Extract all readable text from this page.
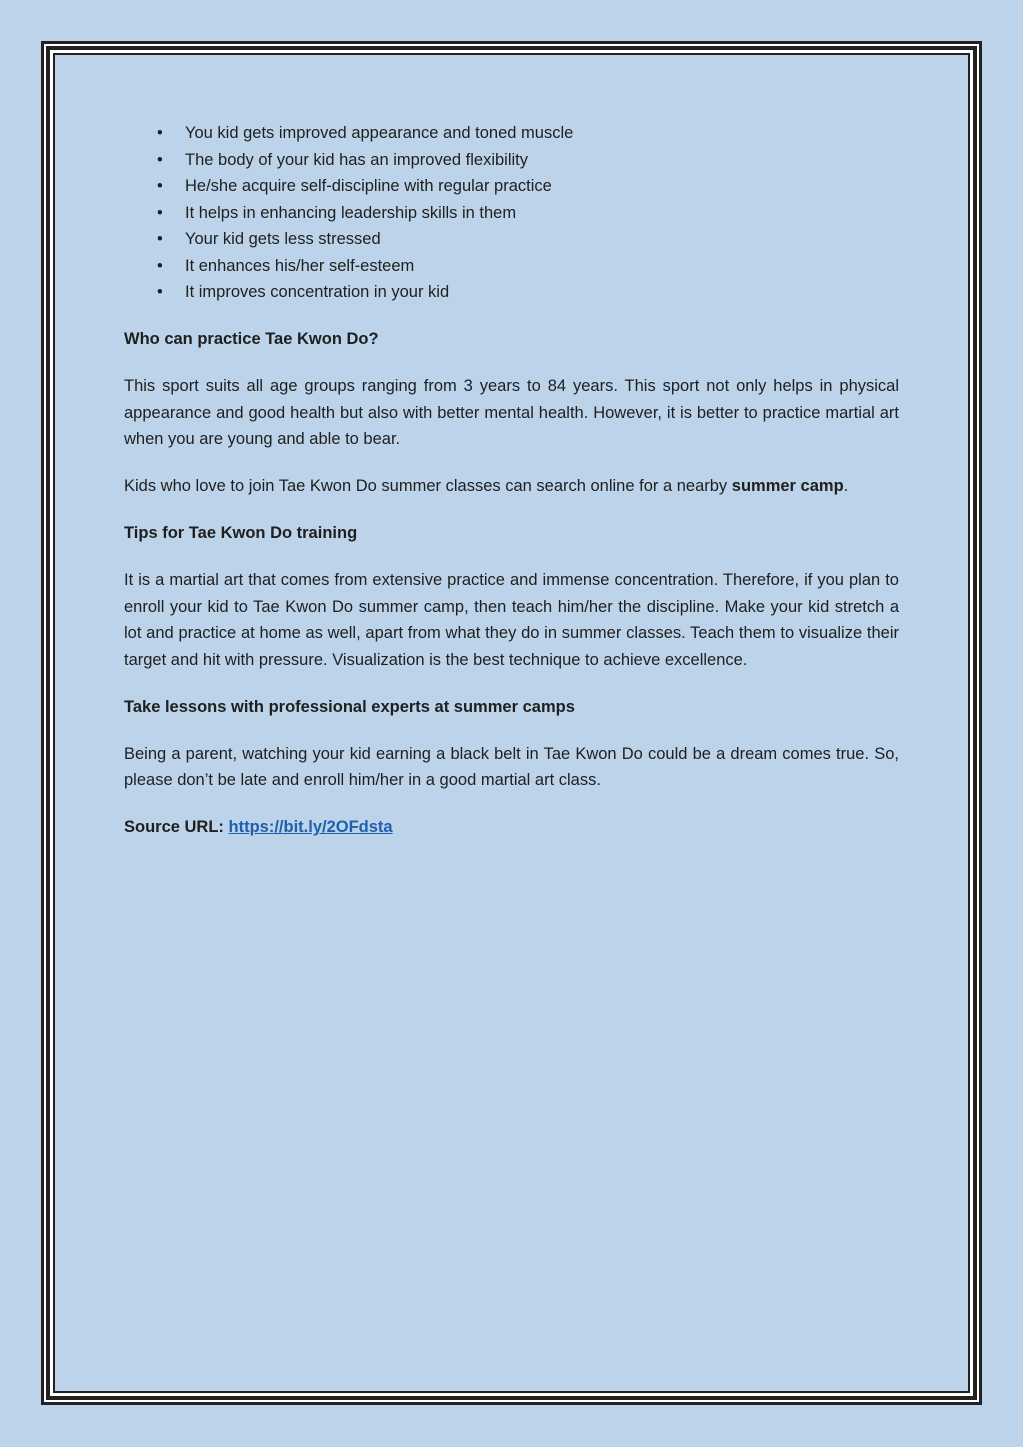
• You kid gets improved appearance and toned muscle
• The body of your kid has an improved flexibility
• He/she acquire self-discipline with regular practice
• It helps in enhancing leadership skills in them
• Your kid gets less stressed
• It enhances his/her self-esteem
• It improves concentration in your kid

Who can practice Tae Kwon Do?

This sport suits all age groups ranging from 3 years to 84 years. This sport not only helps in physical appearance and good health but also with better mental health. However, it is better to practice martial art when you are young and able to bear.

Kids who love to join Tae Kwon Do summer classes can search online for a nearby summer camp.

Tips for Tae Kwon Do training

It is a martial art that comes from extensive practice and immense concentration. Therefore, if you plan to enroll your kid to Tae Kwon Do summer camp, then teach him/her the discipline. Make your kid stretch a lot and practice at home as well, apart from what they do in summer classes. Teach them to visualize their target and hit with pressure. Visualization is the best technique to achieve excellence.

Take lessons with professional experts at summer camps

Being a parent, watching your kid earning a black belt in Tae Kwon Do could be a dream comes true. So, please don’t be late and enroll him/her in a good martial art class.

Source URL: https://bit.ly/2OFdsta
